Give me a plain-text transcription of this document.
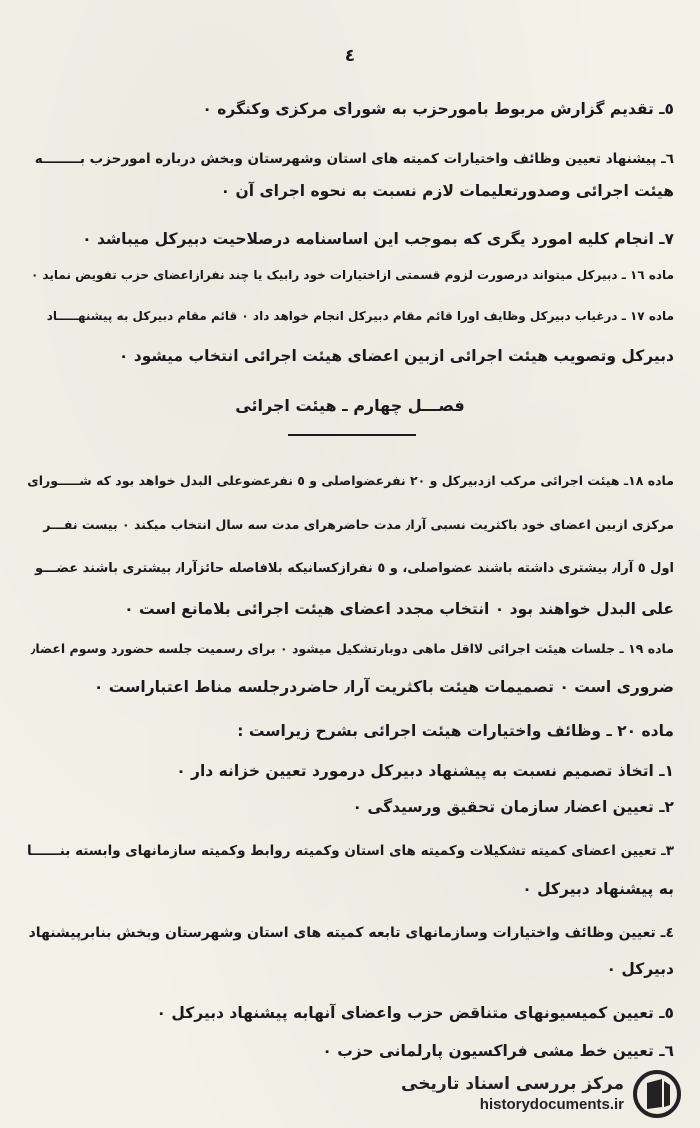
٤
٥ـ تقدیم گزارش مربوط بامورحزب به شورای مرکزی وکنگره ٠
٦ـ پیشنهاد تعیین وظائف واختیارات کمیته های استان وشهرستان وبخش درباره امورحزب بــــــــه
هیئت اجرائی وصدورتعلیمات لازم نسبت به نحوه اجرای آن ٠
٧ـ انجام کلیه امورد یگری که بموجب این اساسنامه درصلاحیت دبیرکل میباشد ٠
ماده ١٦ ـ دبیرکل میتواند درصورت لزوم قسمتی ازاختیارات خود رابیک یا چند نفرازاعضای حزب تفویض نماید ٠
ماده ١٧ ـ درغیاب دبیرکل وظایف اورا قائم مقام دبیرکل انجام خواهد داد ٠ قائم مقام دبیرکل به پیشنهـــــاد
دبیرکل وتصویب هیئت اجرائی ازبین اعضای هیئت اجرائی انتخاب میشود ٠
فصـــل چهارم ـ هیئت اجرائی
ماده ١٨ـ هیئت اجرائی مرکب ازدبیرکل و ٢٠ نفرعضواصلی و ٥ نفرعضوعلی البدل خواهد بود که شـــــورای
مرکزی ازبین اعضای خود باکثریت نسبی آرا٫ مدت حاضرهرای مدت سه سال انتخاب میکند ٠ بیست نفـــر
اول ٥ آرا٫ بیشتری داشته باشند عضواصلی، و ٥ نفرازکسانیکه بلافاصله حائزآرا٫ بیشتری باشند عضـــو
علی البدل خواهند بود ٠ انتخاب مجدد اعضای هیئت اجرائی بلامانع است ٠
ماده ١٩ ـ جلسات هیئت اجرائی لااقل ماهی دوبارتشکیل میشود ٠ برای رسمیت جلسه حضورد وسوم اعضا٫
ضروری است ٠ تصمیمات هیئت باکثریت آرا٫ حاضردرجلسه مناط اعتباراست ٠
ماده ٢٠ ـ وظائف واختیارات هیئت اجرائی بشرح زیراست :
١ـ اتخاذ تصمیم نسبت به پیشنهاد دبیرکل درمورد تعیین خزانه دار ٠
٢ـ تعیین اعضا٫ سازمان تحقیق ورسیدگی ٠
٣ـ تعیین اعضای کمیته تشکیلات وکمیته های استان وکمیته روابط وکمیته سازمانهای وابسته بنــــــا
به پیشنهاد دبیرکل ٠
٤ـ تعیین وظائف واختیارات وسازمانهای تابعه کمیته های استان وشهرستان وبخش بنابرپیشنهاد
دبیرکل ٠
٥ـ تعیین کمیسیونهای متناقض حزب واعضای آنهابه پیشنهاد دبیرکل ٠
٦ـ تعیین خط مشی فراکسیون پارلمانی حزب ٠
مرکز بررسی اسناد تاریخی
historydocuments.ir
